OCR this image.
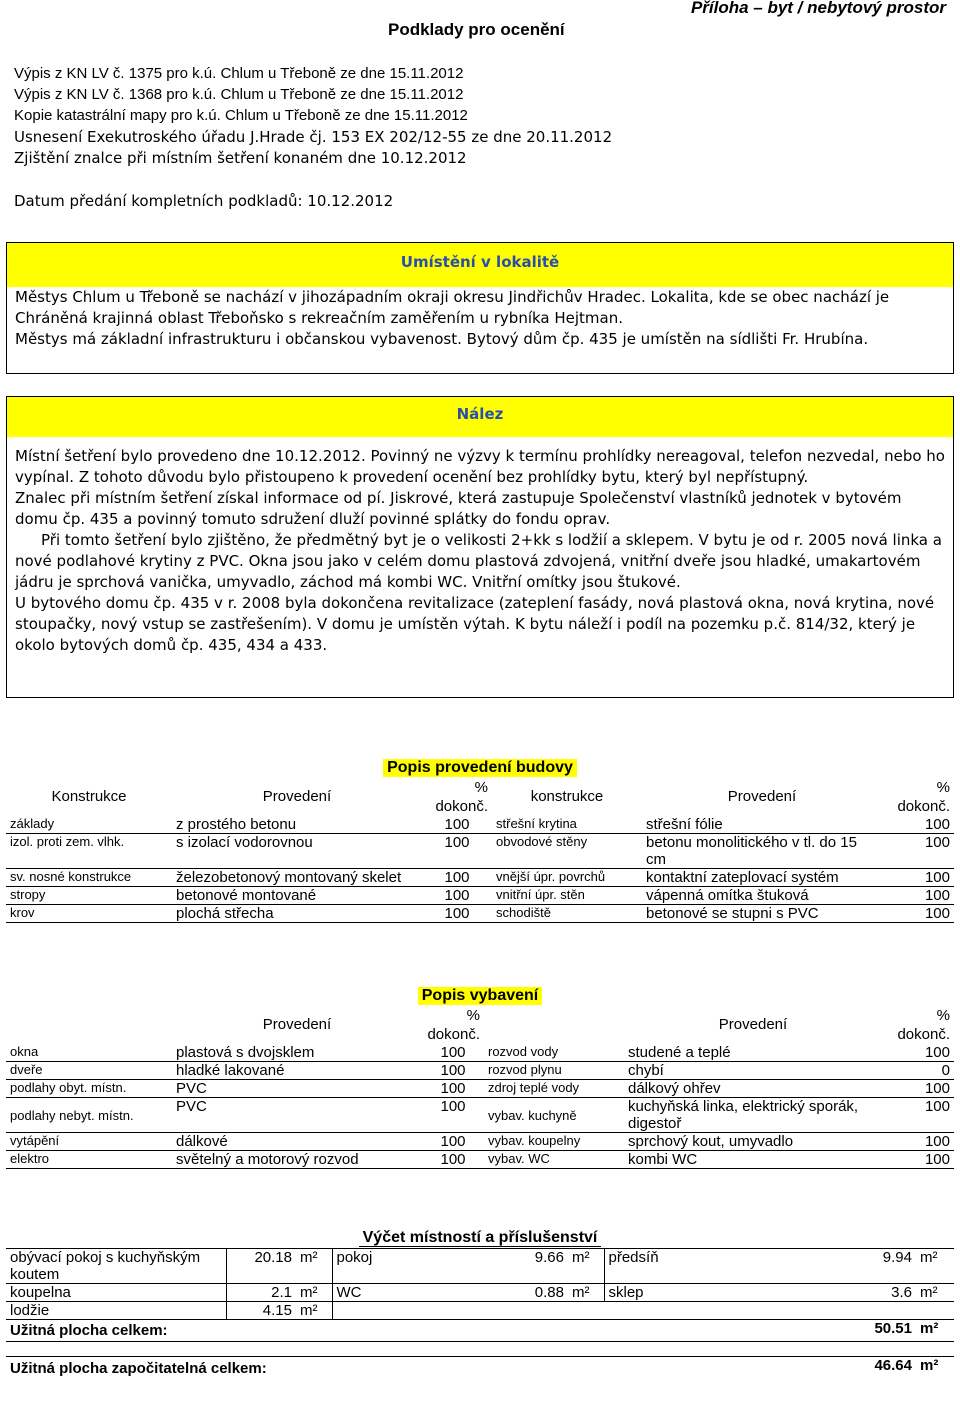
Podklady pro ocenění
Příloha – byt / nebytový prostor
Výpis z KN LV č. 1375 pro k.ú. Chlum u Třeboně ze dne 15.11.2012
Výpis z KN LV č. 1368 pro k.ú. Chlum u Třeboně ze dne 15.11.2012
Kopie katastrální mapy pro k.ú. Chlum u Třeboně ze dne 15.11.2012
Usnesení Exekutroského úřadu J.Hrade čj. 153 EX 202/12-55 ze dne 20.11.2012
Zjištění znalce při místním šetření konaném dne 10.12.2012
Datum předání kompletních podkladů: 10.12.2012
Umístění v lokalitě
Městys Chlum u Třeboně se nachází v jihozápadním okraji okresu Jindřichův Hradec. Lokalita, kde se obec nachází je Chráněná krajinná oblast Třeboňsko s rekreačním zaměřením u rybníka Hejtman.
Městys má základní infrastrukturu i občanskou vybavenost. Bytový dům čp. 435 je umístěn na sídlišti Fr. Hrubína.
Nález
Místní šetření bylo provedeno dne 10.12.2012. Povinný ne výzvy k termínu prohlídky nereagoval, telefon nezvedal, nebo ho vypínal. Z tohoto důvodu bylo přistoupeno k provedení ocenění bez prohlídky bytu, který byl nepřístupný.
Znalec při místním šetření získal informace od pí. Jiskrové, která zastupuje Společenství vlastníků jednotek v bytovém domu čp. 435 a povinný tomuto sdružení dluží povinné splátky do fondu oprav.
Při tomto šetření bylo zjištěno, že předmětný byt je o velikosti 2+kk s lodžií a sklepem. V bytu je od r. 2005 nová linka a nové podlahové krytiny z PVC. Okna jsou jako v celém domu plastová zdvojená, vnitřní dveře jsou hladké, umakartovém jádru je sprchová vanička, umyvadlo, záchod má kombi WC. Vnitřní omítky jsou štukové.
U bytového domu čp. 435 v r. 2008 byla dokončena revitalizace (zateplení fasády, nová plastová okna, nová krytina, nové stoupačky, nový vstup se zastřešením). V domu je umístěn výtah. K bytu náleží i podíl na pozemku p.č. 814/32, který je okolo bytových domů čp. 435, 434 a 433.
Popis provedení budovy
Konstrukce	Provedení	% dokonč.	konstrukce	Provedení	% dokonč.
základy	z prostého betonu	100	střešní krytina	střešní fólie	100
izol. proti zem. vlhk.	s izolací vodorovnou	100	obvodové stěny	betonu monolitického v tl. do 15 cm	100
sv. nosné konstrukce	železobetonový montovaný skelet	100	vnější úpr. povrchů	kontaktní zateplovací systém	100
stropy	betonové montované	100	vnitřní úpr. stěn	vápenná omítka štuková	100
krov	plochá střecha	100	schodiště	betonové se stupni s PVC	100
Popis vybavení
	Provedení	% dokonč.		Provedení	% dokonč.
okna	plastová s dvojsklem	100	rozvod vody	studené a teplé	100
dveře	hladké lakované	100	rozvod plynu	chybí	0
podlahy obyt. místn.	PVC	100	zdroj teplé vody	dálkový ohřev	100
podlahy nebyt. místn.	PVC	100	vybav. kuchyně	kuchyňská linka, elektrický sporák, digestoř	100
vytápění	dálkové	100	vybav. koupelny	sprchový kout, umyvadlo	100
elektro	světelný a motorový rozvod	100	vybav. WC	kombi WC	100
Výčet místností a příslušenství
obývací pokoj s kuchyňským koutem	20.18	m²	pokoj 9.66	m²	předsíň	9.94	m²
koupelna	2.1	m²	WC 0.88	m²	sklep	3.6	m²
lodžie	4.15	m²					
Užitná plocha celkem:						50.51	m²

Užitná plocha započitatelná celkem:						46.64	m²
